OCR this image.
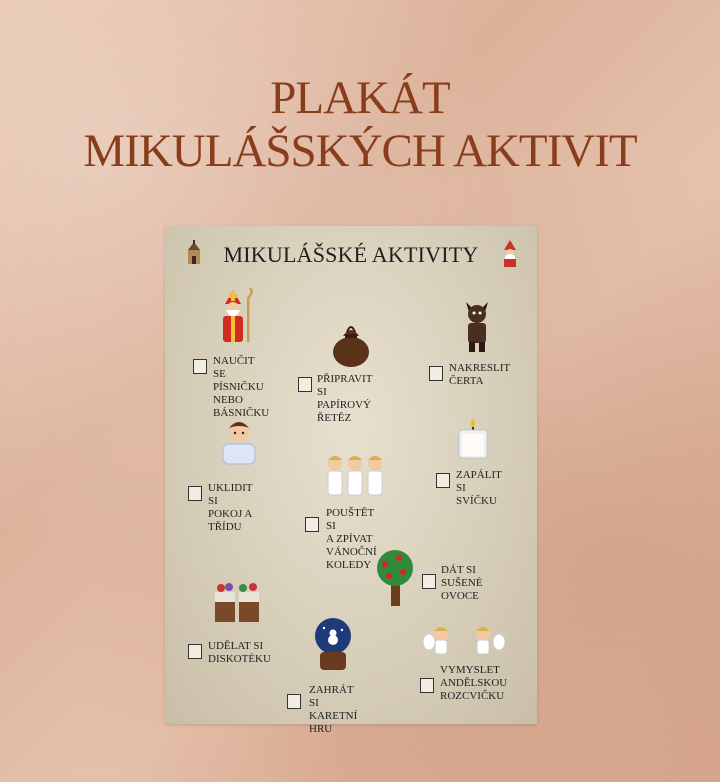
PLAKÁT
MIKULÁŠSKÝCH AKTIVIT
MIKULÁŠSKÉ AKTIVITY
NAUČIT SE
PÍSNIČKU
NEBO
BÁSNIČKU
PŘIPRAVIT SI
PAPÍROVÝ
ŘETĚZ
NAKRESLIT
ČERTA
UKLIDIT SI
POKOJ A TŘÍDU
POUŠTĚT SI
A ZPÍVAT VÁNOČNÍ
KOLEDY
ZAPÁLIT SI
SVÍČKU
DÁT SI
SUŠENÉ
OVOCE
UDĚLAT SI
DISKOTÉKU
ZAHRÁT SI
KARETNÍ
HRU
VYMYSLET
ANDĚLSKOU
ROZCVIČKU
